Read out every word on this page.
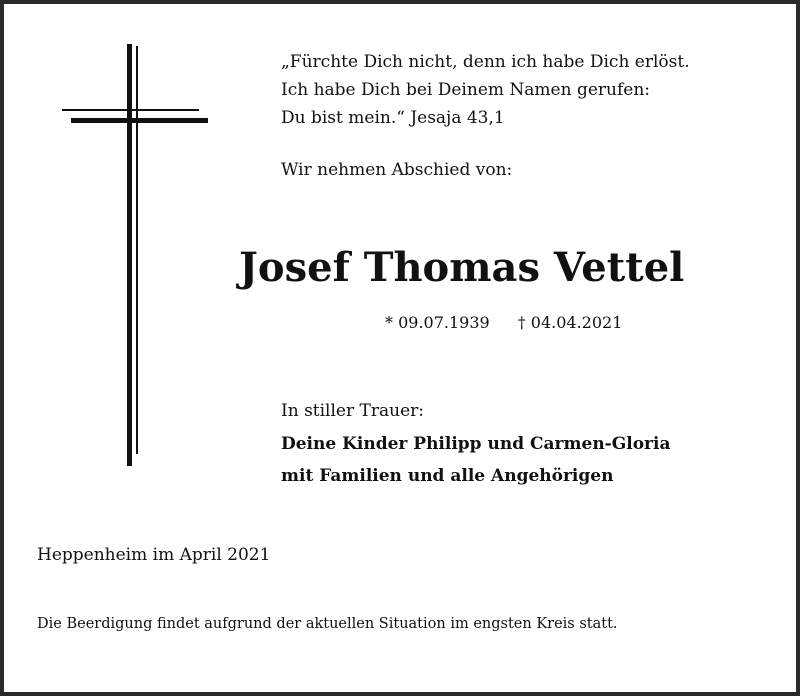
„Fürchte Dich nicht, denn ich habe Dich erlöst.
Ich habe Dich bei Deinem Namen gerufen:
Du bist mein.“ Jesaja 43,1
Wir nehmen Abschied von:
Josef Thomas Vettel
* 09.07.1939 † 04.04.2021
In stiller Trauer:
Deine Kinder Philipp und Carmen-Gloria
mit Familien und alle Angehörigen
Heppenheim im April 2021
Die Beerdigung findet aufgrund der aktuellen Situation im engsten Kreis statt.
